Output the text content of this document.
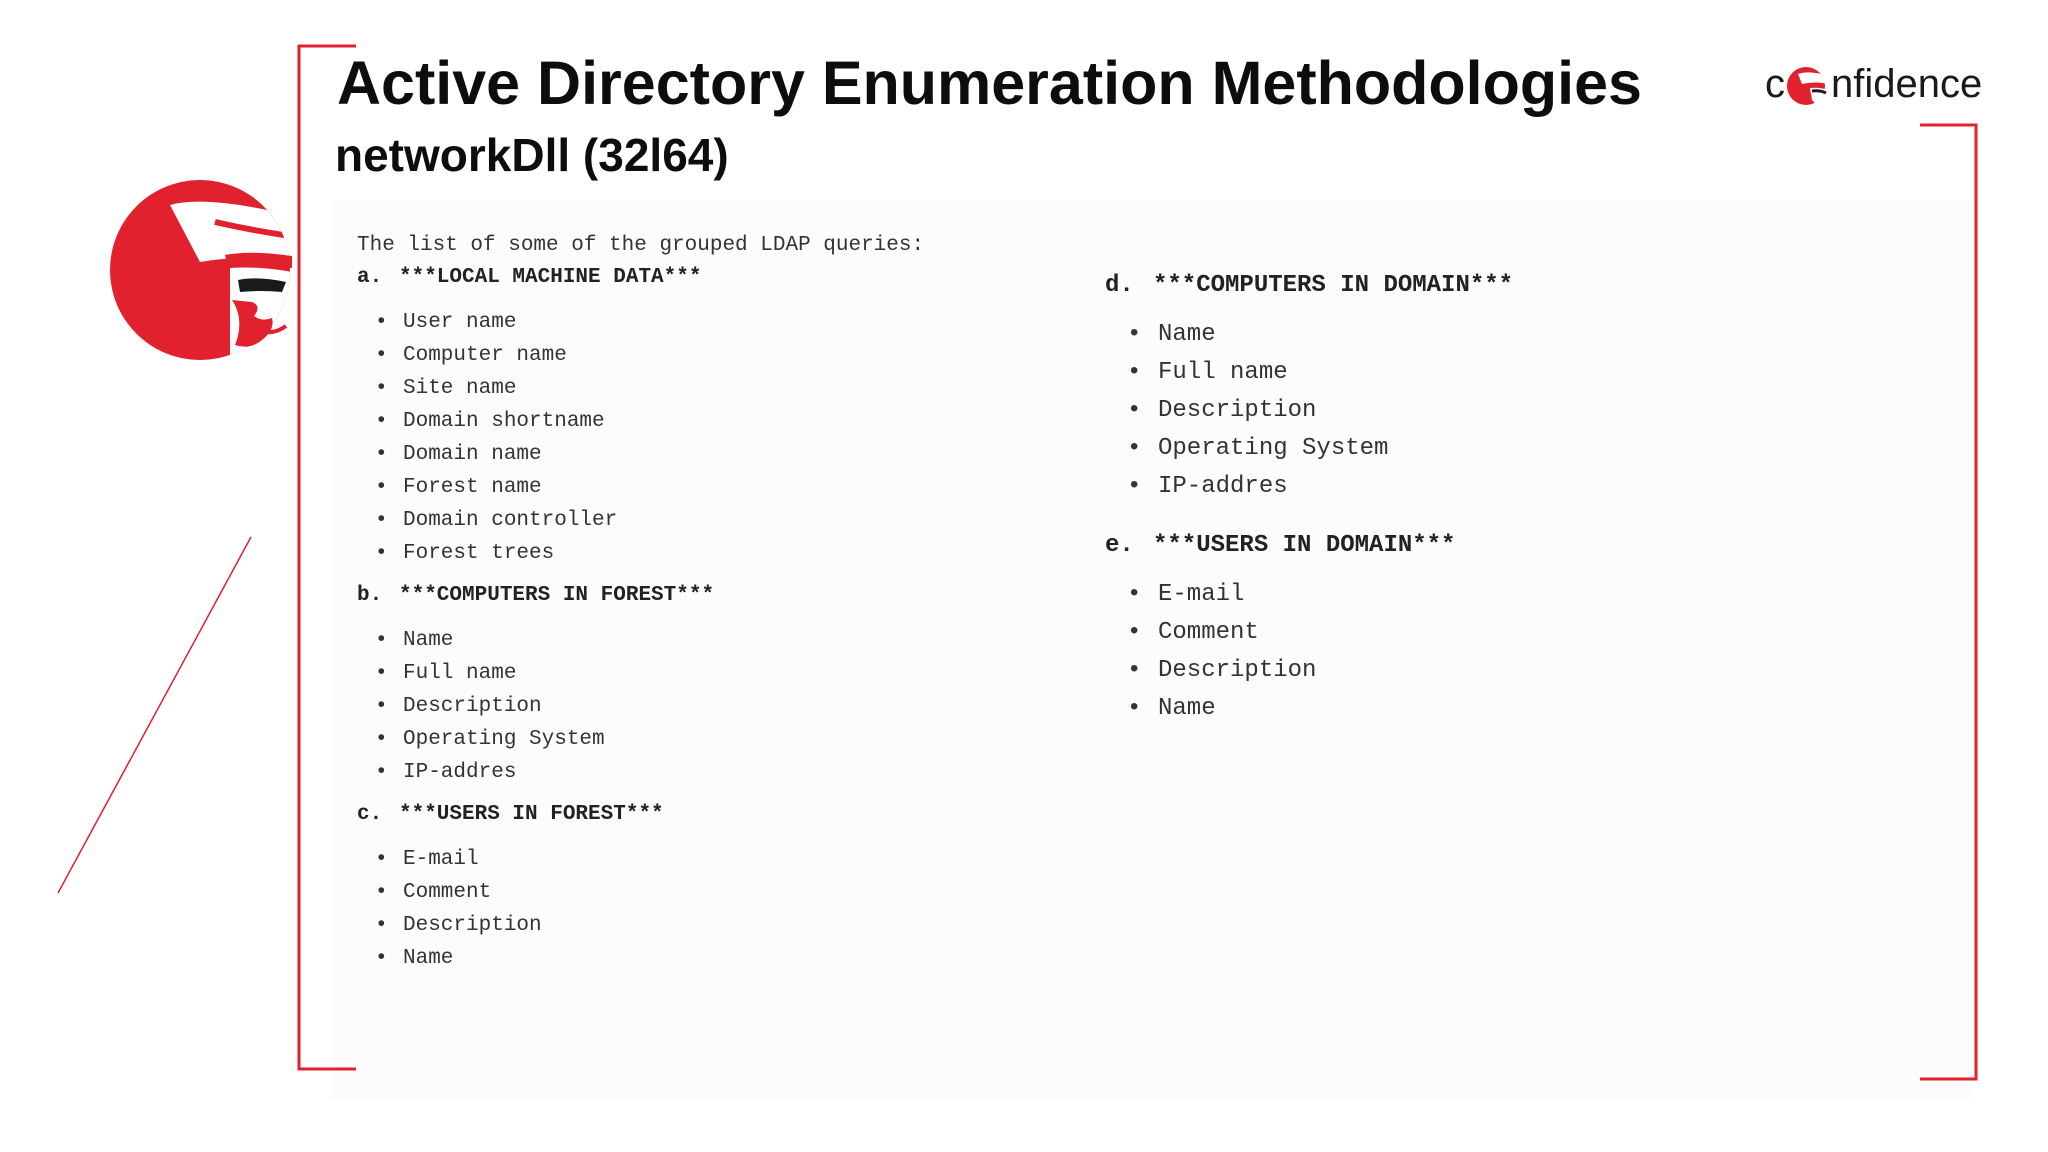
Active Directory Enumeration Methodologies
networkDll (32l64)
c nfidence

The list of some of the grouped LDAP queries:

a. ***LOCAL MACHINE DATA***

• User name
• Computer name
• Site name
• Domain shortname
• Domain name
• Forest name
• Domain controller
• Forest trees

b. ***COMPUTERS IN FOREST***

• Name
• Full name
• Description
• Operating System
• IP-addres

c. ***USERS IN FOREST***

• E-mail
• Comment
• Description
• Name

d. ***COMPUTERS IN DOMAIN***

• Name
• Full name
• Description
• Operating System
• IP-addres

e. ***USERS IN DOMAIN***

• E-mail
• Comment
• Description
• Name
